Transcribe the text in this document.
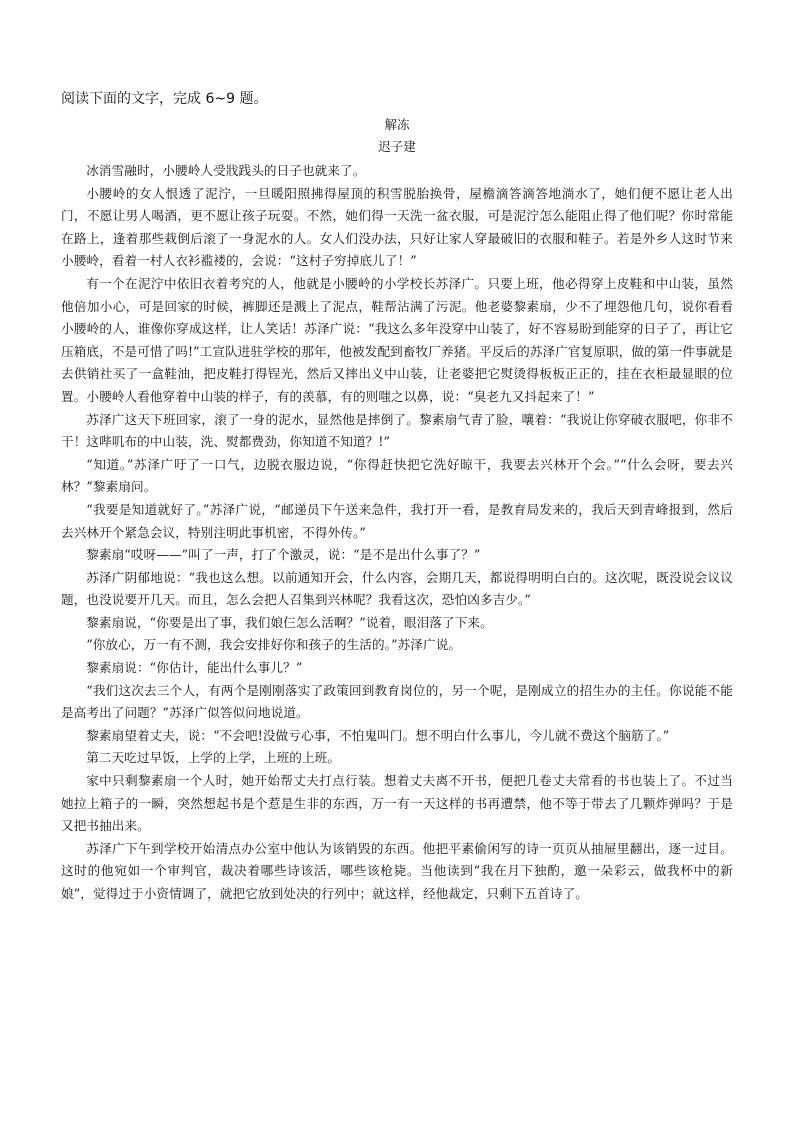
阅读下面的文字，完成 6~9 题。

解冻

迟子建

冰消雪融时，小腰岭人受戕践头的日子也就来了。

小腰岭的女人恨透了泥泞，一旦暖阳照拂得屋顶的积雪脱胎换骨，屋檐滴答滴答地淌水了，她们便不愿让老人出门，不愿让男人喝酒，更不愿让孩子玩耍。不然，她们得一天洗一盆衣服，可是泥泞怎么能阻止得了他们呢？你时常能在路上，逢着那些栽倒后滚了一身泥水的人。女人们没办法，只好让家人穿最破旧的衣服和鞋子。若是外乡人这时节来小腰岭，看着一村人衣衫褴褛的，会说：“这村子穷掉底儿了！”

有一个在泥泞中依旧衣着考究的人，他就是小腰岭的小学校长苏泽广。只要上班，他必得穿上皮鞋和中山装，虽然他倍加小心，可是回家的时候，裤脚还是溅上了泥点，鞋帮沾满了污泥。他老婆黎素扇，少不了埋怨他几句，说你看看小腰岭的人，谁像你穿成这样，让人笑话！苏泽广说：“我这么多年没穿中山装了，好不容易盼到能穿的日子了，再让它压箱底，不是可惜了吗!”工宣队进驻学校的那年，他被发配到畜牧厂养猪。平反后的苏泽广官复原职，做的第一件事就是去供销社买了一盒鞋油，把皮鞋打得锃光，然后又摔出义中山装，让老婆把它熨烫得板板正正的，挂在衣柜最显眼的位置。小腰岭人看他穿着中山装的样子，有的羡慕，有的则嗤之以鼻，说：“臭老九又抖起来了！”

苏泽广这天下班回家，滚了一身的泥水，显然他是摔倒了。黎素扇气青了脸，嚷着：“我说让你穿破衣服吧，你非不干！这哔叽布的中山装，洗、熨都费劲，你知道不知道？!”

“知道。”苏泽广吁了一口气，边脱衣服边说，“你得赶快把它洗好晾干，我要去兴林开个会。”“什么会呀，要去兴林？”黎素扇问。

“我要是知道就好了。”苏泽广说，“邮递员下午送来急件，我打开一看，是教育局发来的，我后天到青峰报到，然后去兴林开个紧急会议，特别注明此事机密，不得外传。”

黎素扇“哎呀——”叫了一声，打了个激灵，说：“是不是出什么事了？”

苏泽广阴郁地说：“我也这么想。以前通知开会，什么内容，会期几天，都说得明明白白的。这次呢，既没说会议议题，也没说要开几天。而且，怎么会把人召集到兴林呢？我看这次，恐怕凶多吉少。”

黎素扇说，“你要是出了事，我们娘仨怎么活啊？”说着，眼泪落了下来。

“你放心，万一有不测，我会安排好你和孩子的生活的。”苏泽广说。

黎素扇说：“你估计，能出什么事儿？”

“我们这次去三个人，有两个是刚刚落实了政策回到教育岗位的，另一个呢，是刚成立的招生办的主任。你说能不能是高考出了问题？”苏泽广似答似问地说道。

黎素扇望着丈夫，说：“不会吧!没做亏心事，不怕鬼叫门。想不明白什么事儿，今儿就不费这个脑筋了。”

第二天吃过早饭，上学的上学，上班的上班。

家中只剩黎素扇一个人时，她开始帮丈夫打点行装。想着丈夫离不开书，便把几卷丈夫常看的书也装上了。不过当她拉上箱子的一瞬，突然想起书是个惹是生非的东西，万一有一天这样的书再遭禁，他不等于带去了几颗炸弹吗？于是又把书抽出来。

苏泽广下午到学校开始清点办公室中他认为该销毁的东西。他把平素偷闲写的诗一页页从抽屉里翻出，逐一过目。这时的他宛如一个审判官，裁决着哪些诗该活，哪些该枪毙。当他读到“我在月下独酌，邀一朵彩云，做我杯中的新娘”，觉得过于小资情调了，就把它放到处决的行列中；就这样，经他裁定，只剩下五首诗了。
